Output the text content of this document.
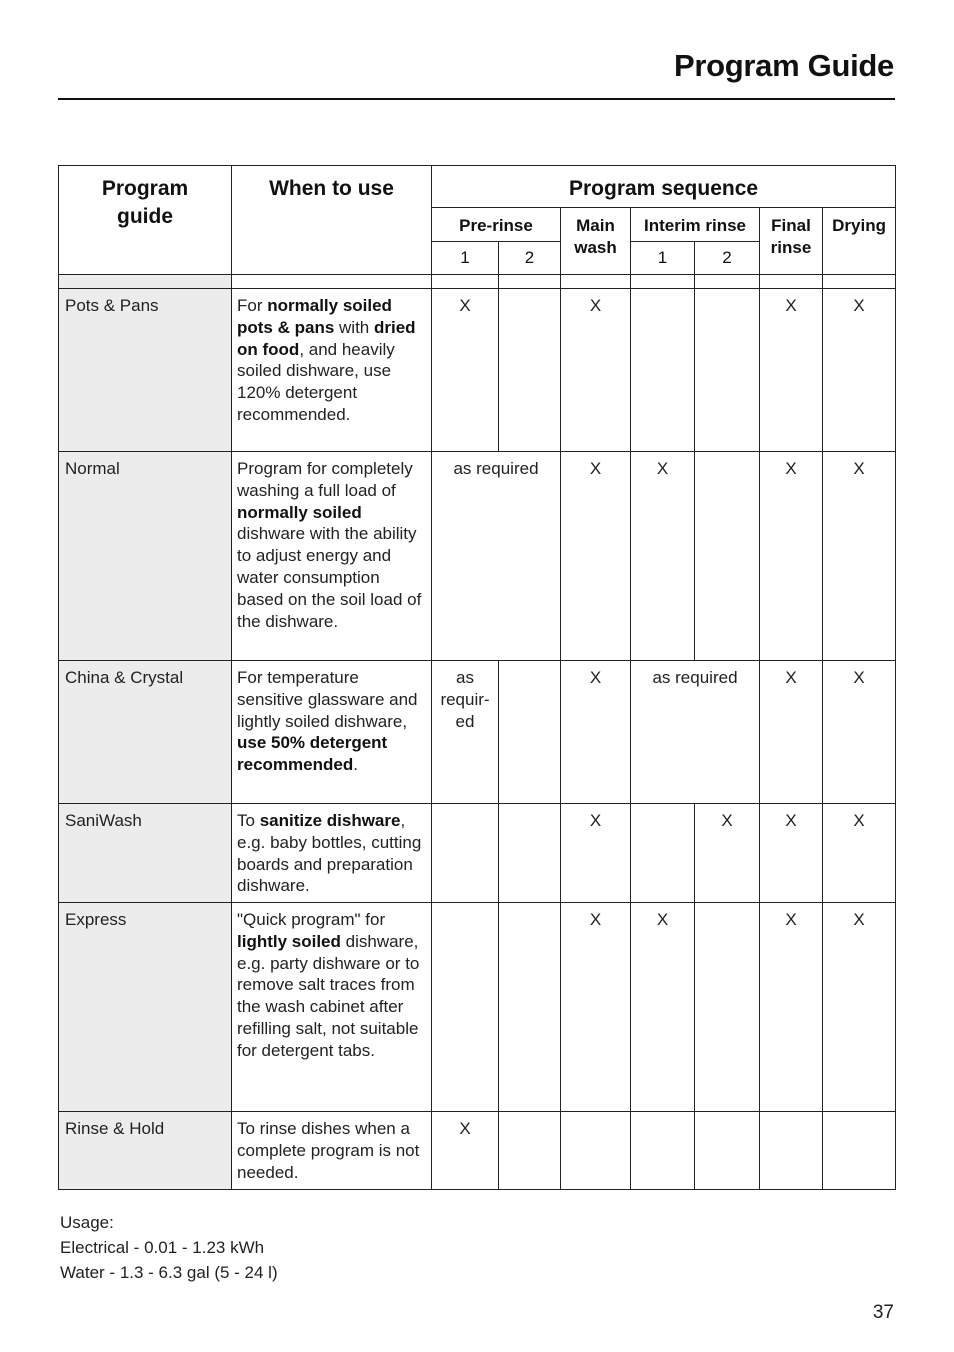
Program Guide
Program guide	When to use	Program sequence						
		Pre-rinse		Main wash	Interim rinse		Final rinse	Drying
		1	2		1	2		

Pots & Pans	For normally soiled pots & pans with dried on food, and heavily soiled dishware, use 120% detergent recommended.	X		X			X	X
Normal	Program for completely washing a full load of normally soiled dishware with the ability to adjust energy and water consumption based on the soil load of the dishware.	as required		X	X		X	X
China & Crystal	For temperature sensitive glassware and lightly soiled dishware, use 50% detergent recommended.	as requir-ed		X	as required		X	X
SaniWash	To sanitize dishware, e.g. baby bottles, cutting boards and preparation dishware.			X		X	X	X
Express	"Quick program" for lightly soiled dishware, e.g. party dishware or to remove salt traces from the wash cabinet after refilling salt, not suitable for detergent tabs.			X	X		X	X
Rinse & Hold	To rinse dishes when a complete program is not needed.	X						
Usage:
Electrical - 0.01 - 1.23 kWh
Water - 1.3 - 6.3 gal (5 - 24 l)
37
